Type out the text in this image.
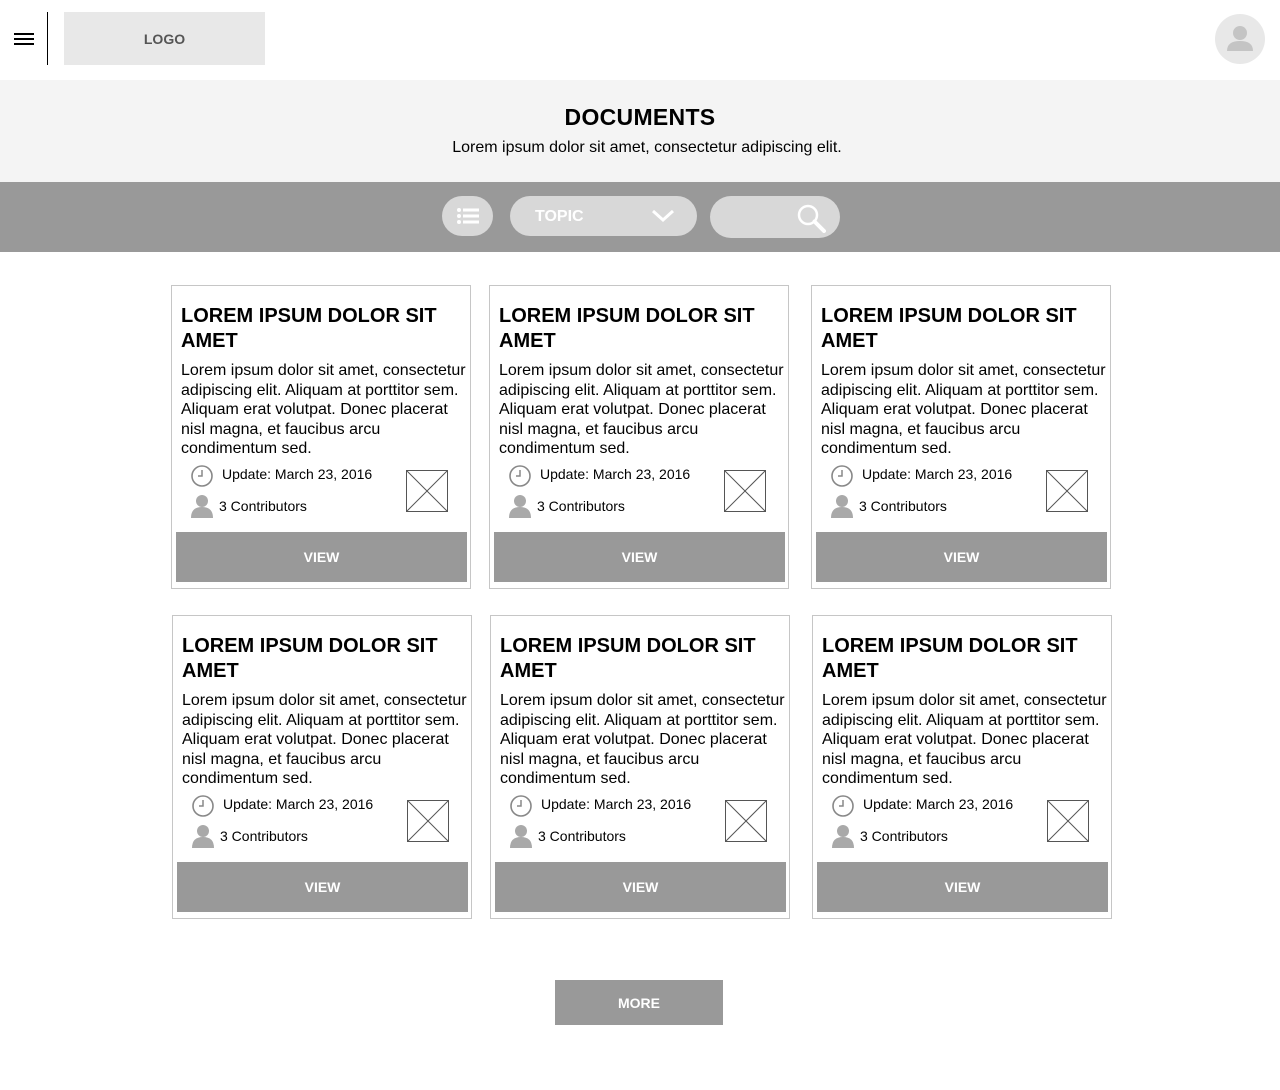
LOGO
DOCUMENTS

Lorem ipsum dolor sit amet, consectetur adipiscing elit.

TOPIC
LOREM IPSUM DOLOR SIT AMET

Lorem ipsum dolor sit amet, consectetur adipiscing elit. Aliquam at porttitor sem. Aliquam erat volutpat. Donec placerat nisl magna, et faucibus arcu condimentum sed.

Update: March 23, 2016
3 Contributors
VIEW
LOREM IPSUM DOLOR SIT AMET

Lorem ipsum dolor sit amet, consectetur adipiscing elit. Aliquam at porttitor sem. Aliquam erat volutpat. Donec placerat nisl magna, et faucibus arcu condimentum sed.

Update: March 23, 2016
3 Contributors
VIEW
LOREM IPSUM DOLOR SIT AMET

Lorem ipsum dolor sit amet, consectetur adipiscing elit. Aliquam at porttitor sem. Aliquam erat volutpat. Donec placerat nisl magna, et faucibus arcu condimentum sed.

Update: March 23, 2016
3 Contributors
VIEW
LOREM IPSUM DOLOR SIT AMET

Lorem ipsum dolor sit amet, consectetur adipiscing elit. Aliquam at porttitor sem. Aliquam erat volutpat. Donec placerat nisl magna, et faucibus arcu condimentum sed.

Update: March 23, 2016
3 Contributors
VIEW
LOREM IPSUM DOLOR SIT AMET

Lorem ipsum dolor sit amet, consectetur adipiscing elit. Aliquam at porttitor sem. Aliquam erat volutpat. Donec placerat nisl magna, et faucibus arcu condimentum sed.

Update: March 23, 2016
3 Contributors
VIEW
LOREM IPSUM DOLOR SIT AMET

Lorem ipsum dolor sit amet, consectetur adipiscing elit. Aliquam at porttitor sem. Aliquam erat volutpat. Donec placerat nisl magna, et faucibus arcu condimentum sed.

Update: March 23, 2016
3 Contributors
VIEW
MORE
